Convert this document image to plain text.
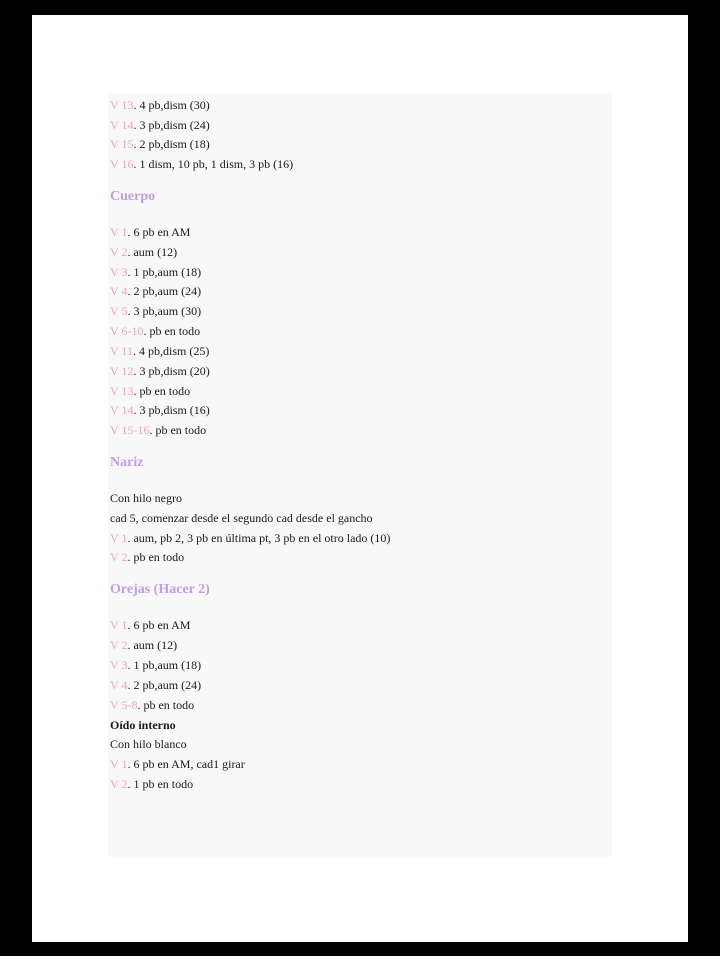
V 13. 4 pb,dism (30)
V 14. 3 pb,dism (24)
V 15. 2 pb,dism (18)
V 16. 1 dism, 10 pb, 1 dism, 3 pb (16)
Cuerpo
V 1. 6 pb en AM
V 2. aum (12)
V 3. 1 pb,aum (18)
V 4. 2 pb,aum (24)
V 5. 3 pb,aum (30)
V 6-10. pb en todo
V 11. 4 pb,dism (25)
V 12. 3 pb,dism (20)
V 13. pb en todo
V 14. 3 pb,dism (16)
V 15-16. pb en todo
Nariz
Con hilo negro
cad 5, comenzar desde el segundo cad desde el gancho
V 1. aum, pb 2, 3 pb en última pt, 3 pb en el otro lado (10)
V 2. pb en todo
Orejas (Hacer 2)
V 1. 6 pb en AM
V 2. aum (12)
V 3. 1 pb,aum (18)
V 4. 2 pb,aum (24)
V 5-8. pb en todo
Oído interno
Con hilo blanco
V 1. 6 pb en AM, cad1 girar
V 2. 1 pb en todo
